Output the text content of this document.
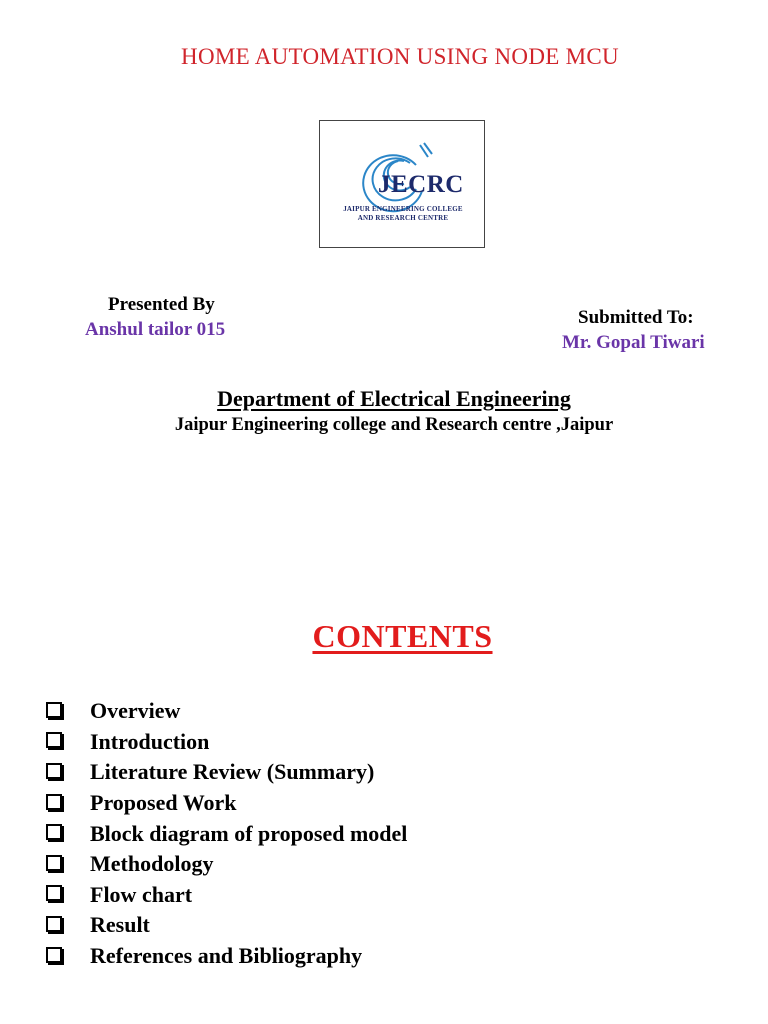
HOME AUTOMATION USING NODE MCU
JECRC
JAIPUR ENGINEERING COLLEGE
AND RESEARCH CENTRE
Presented By
Anshul tailor 015
Submitted To:
Mr. Gopal Tiwari
Department of Electrical Engineering
Jaipur Engineering college and Research centre ,Jaipur
CONTENTS
Overview
Introduction
Literature Review (Summary)
Proposed Work
Block diagram of proposed model
Methodology
Flow chart
Result
References and Bibliography
